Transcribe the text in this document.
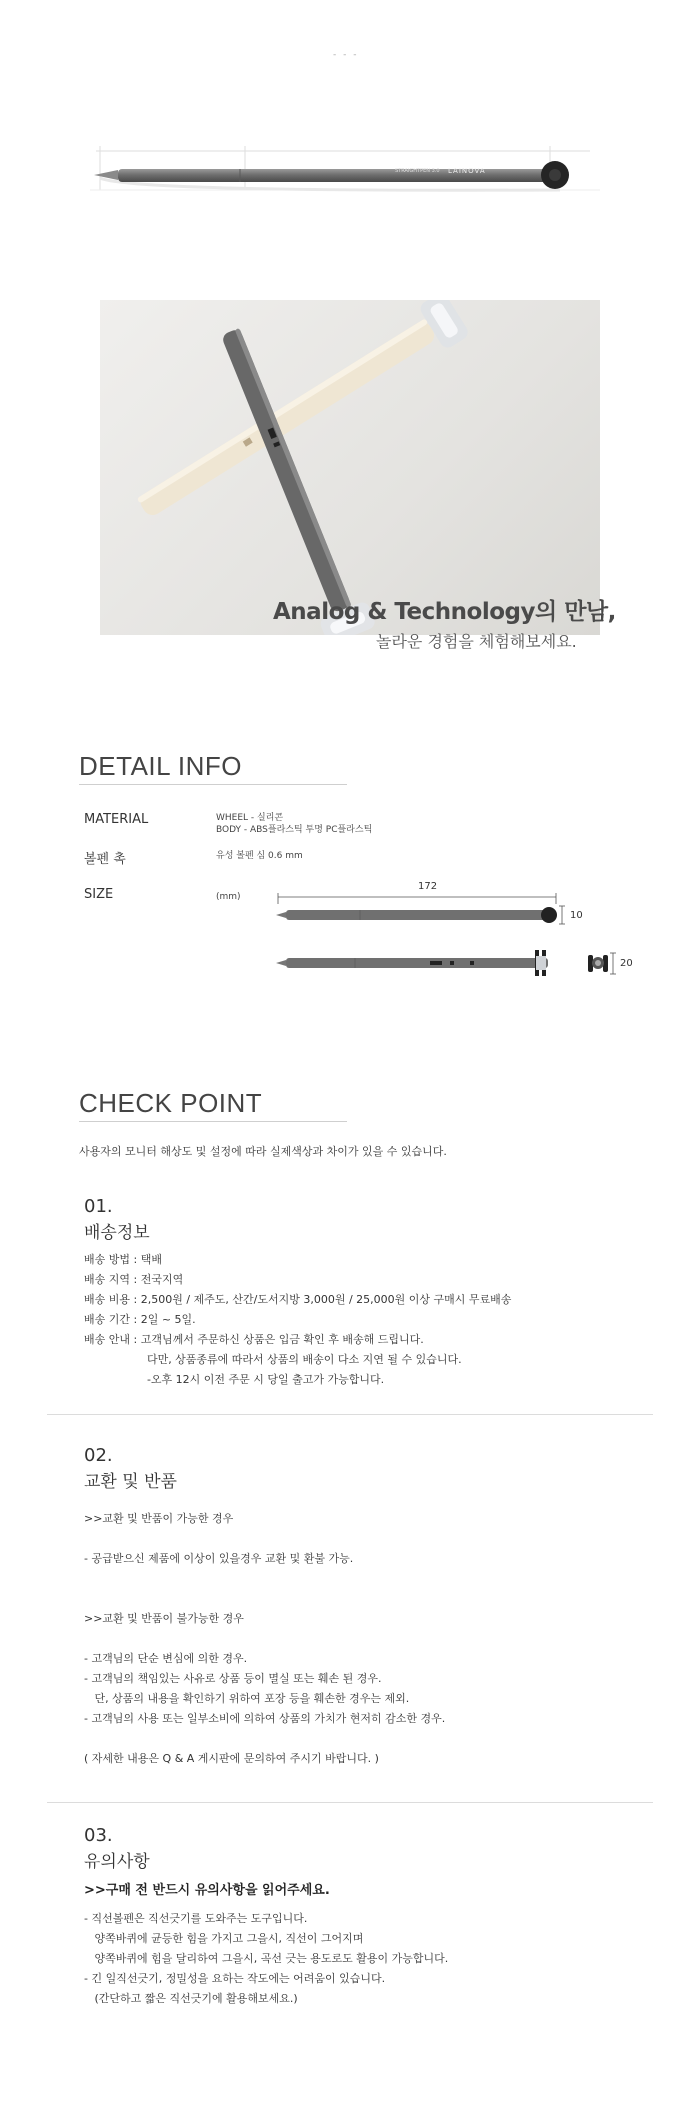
- - -
STRAIGHTPEN 3.0 LAINOVA
Analog & Technology의 만남,
놀라운 경험을 체험해보세요.
DETAIL INFO
MATERIAL	WHEEL - 실리콘
BODY - ABS플라스틱 투명 PC플라스틱
볼펜 촉	유성 볼펜 심 0.6 mm
SIZE	(mm)
172
10
20
CHECK POINT
사용자의 모니터 해상도 및 설정에 따라 실제색상과 차이가 있을 수 있습니다.
01.
배송정보
배송 방법 : 택배
배송 지역 : 전국지역
배송 비용 : 2,500원 / 제주도, 산간/도서지방 3,000원 / 25,000원 이상 구매시 무료배송
배송 기간 : 2일 ~ 5일.
배송 안내 : 고객님께서 주문하신 상품은 입금 확인 후 배송해 드립니다.
다만, 상품종류에 따라서 상품의 배송이 다소 지연 될 수 있습니다.
-오후 12시 이전 주문 시 당일 출고가 가능합니다.
02.
교환 및 반품
>>교환 및 반품이 가능한 경우
- 공급받으신 제품에 이상이 있을경우 교환 및 환불 가능.
>>교환 및 반품이 불가능한 경우
- 고객님의 단순 변심에 의한 경우.
- 고객님의 책임있는 사유로 상품 등이 멸실 또는 훼손 된 경우.
단, 상품의 내용을 확인하기 위하여 포장 등을 훼손한 경우는 제외.
- 고객님의 사용 또는 일부소비에 의하여 상품의 가치가 현저히 감소한 경우.
( 자세한 내용은 Q & A 게시판에 문의하여 주시기 바랍니다. )
03.
유의사항
>>구매 전 반드시 유의사항을 읽어주세요.
- 직선볼펜은 직선긋기를 도와주는 도구입니다.
양쪽바퀴에 균등한 힘을 가지고 그을시, 직선이 그어지며
양쪽바퀴에 힘을 달리하여 그을시, 곡선 긋는 용도로도 활용이 가능합니다.
- 긴 일직선긋기, 정밀성을 요하는 작도에는 어려움이 있습니다.
(간단하고 짧은 직선긋기에 활용해보세요.)
